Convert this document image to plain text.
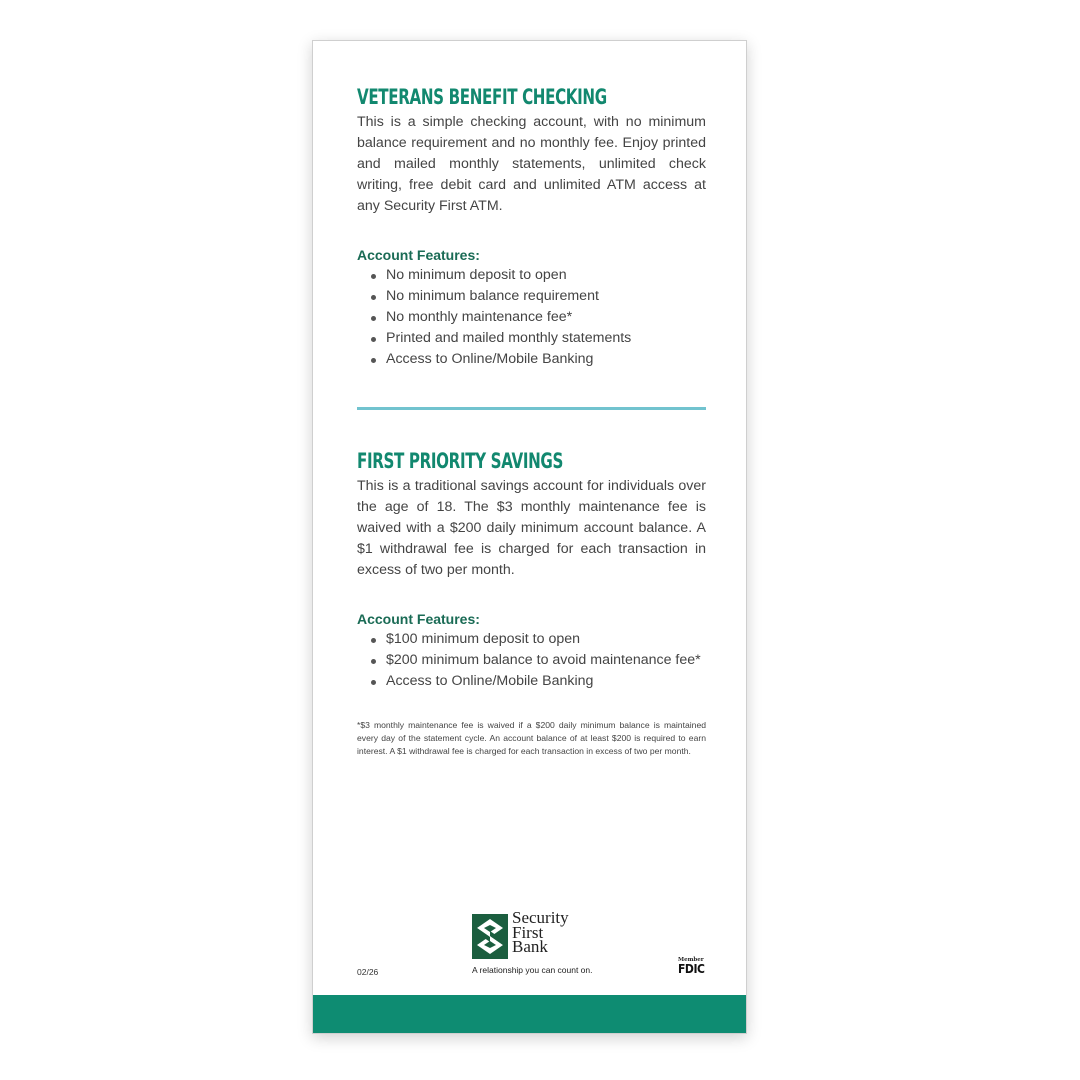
VETERANS BENEFIT CHECKING
This is a simple checking account, with no minimum balance requirement and no monthly fee. Enjoy printed and mailed monthly statements, unlimited check writing, free debit card and unlimited ATM access at any Security First ATM.
Account Features:
No minimum deposit to open
No minimum balance requirement
No monthly maintenance fee*
Printed and mailed monthly statements
Access to Online/Mobile Banking
FIRST PRIORITY SAVINGS
This is a traditional savings account for individuals over the age of 18. The $3 monthly maintenance fee is waived with a $200 daily minimum account balance. A $1 withdrawal fee is charged for each transaction in excess of two per month.
Account Features:
$100 minimum deposit to open
$200 minimum balance to avoid maintenance fee*
Access to Online/Mobile Banking
*$3 monthly maintenance fee is waived if a $200 daily minimum balance is maintained every day of the statement cycle. An account balance of at least $200 is required to earn interest. A $1 withdrawal fee is charged for each transaction in excess of two per month.
02/26
Security
First
Bank
A relationship you can count on.
Member
FDIC
